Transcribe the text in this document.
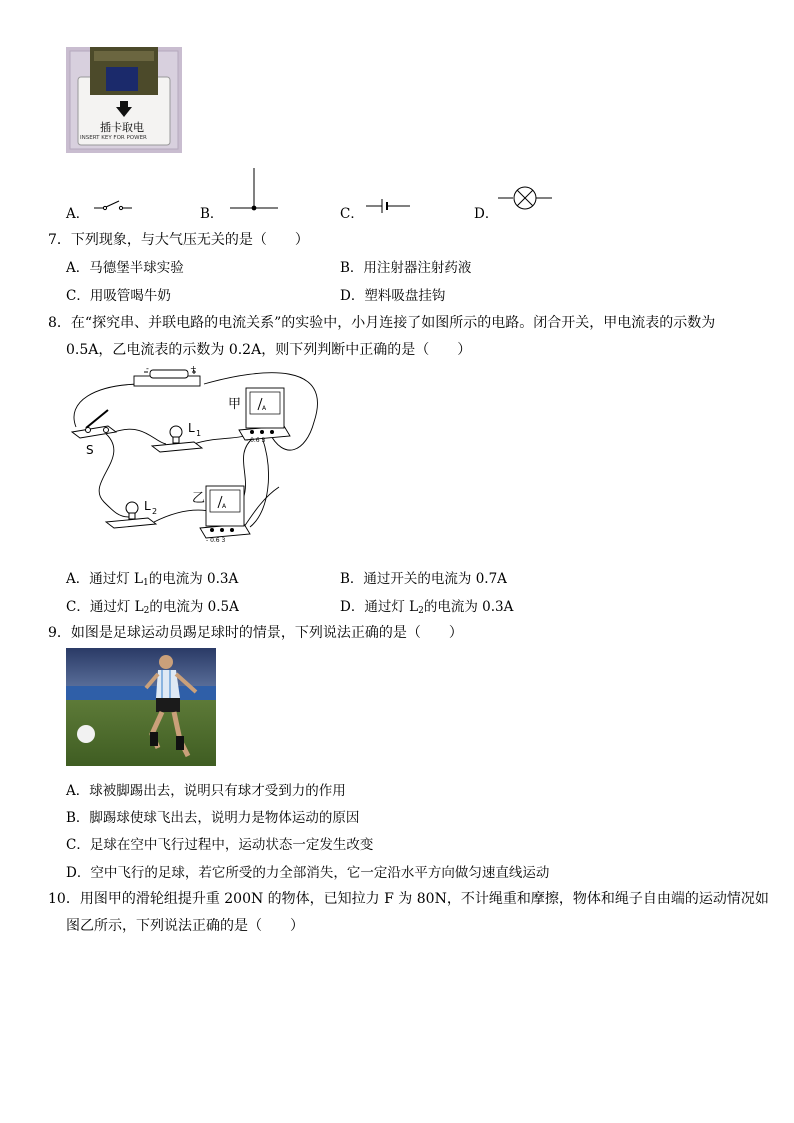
插卡取电
INSERT KEY FOR POWER
A．	B．	C．	D．
7．下列现象，与大气压无关的是（　　）
A．马德堡半球实验	B．用注射器注射药液
C．用吸管喝牛奶	D．塑料吸盘挂钩
8．在“探究串、并联电路的电流关系”的实验中，小月连接了如图所示的电路。闭合开关，甲电流表的示数为
0.5A，乙电流表的示数为 0.2A，则下列判断中正确的是（　　）
甲
乙
A
A
- 0.6 3
- 0.6 3
L 1
L 2
S
-	+
A．通过灯 $L_1$的电流为 0.3A	B．通过开关的电流为 0.7A
C．通过灯 $L_2$的电流为 0.5A	D．通过灯 $L_2$的电流为 0.3A
9．如图是足球运动员踢足球时的情景，下列说法正确的是（　　）
A．球被脚踢出去，说明只有球才受到力的作用
B．脚踢球使球飞出去，说明力是物体运动的原因
C．足球在空中飞行过程中，运动状态一定发生改变
D．空中飞行的足球，若它所受的力全部消失，它一定沿水平方向做匀速直线运动
10．用图甲的滑轮组提升重 200N 的物体，已知拉力 F 为 80N，不计绳重和摩擦，物体和绳子自由端的运动情况如
图乙所示，下列说法正确的是（　　）
